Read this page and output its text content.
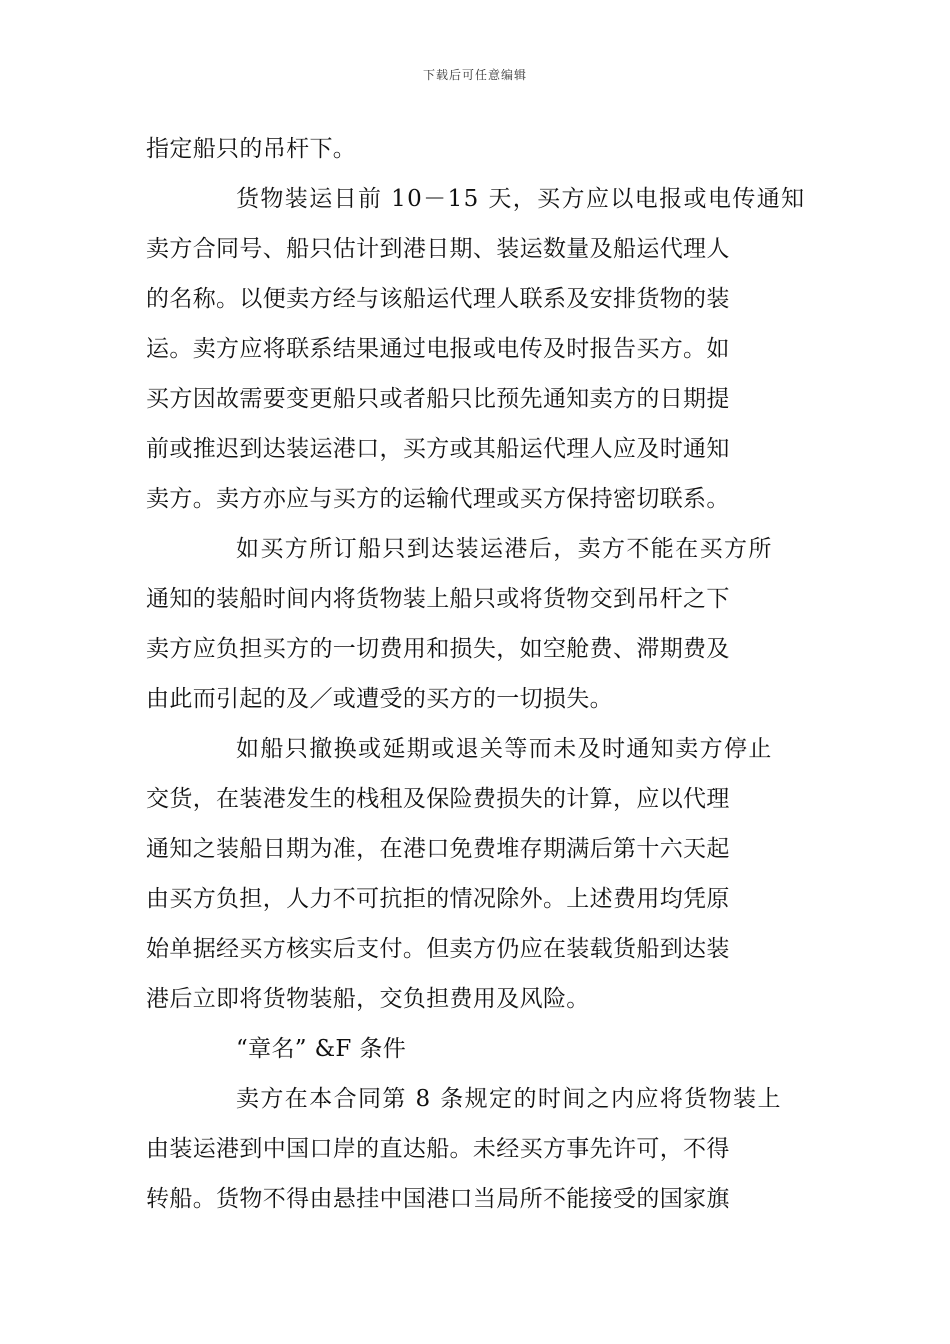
下载后可任意编辑
指定船只的吊杆下。
货物装运日前 10－15 天，买方应以电报或电传通知
卖方合同号、船只估计到港日期、装运数量及船运代理人
的名称。以便卖方经与该船运代理人联系及安排货物的装
运。卖方应将联系结果通过电报或电传及时报告买方。如
买方因故需要变更船只或者船只比预先通知卖方的日期提
前或推迟到达装运港口，买方或其船运代理人应及时通知
卖方。卖方亦应与买方的运输代理或买方保持密切联系。
如买方所订船只到达装运港后，卖方不能在买方所
通知的装船时间内将货物装上船只或将货物交到吊杆之下
卖方应负担买方的一切费用和损失，如空舱费、滞期费及
由此而引起的及／或遭受的买方的一切损失。
如船只撤换或延期或退关等而未及时通知卖方停止
交货，在装港发生的栈租及保险费损失的计算，应以代理
通知之装船日期为准，在港口免费堆存期满后第十六天起
由买方负担，人力不可抗拒的情况除外。上述费用均凭原
始单据经买方核实后支付。但卖方仍应在装载货船到达装
港后立即将货物装船，交负担费用及风险。
“章名” &F 条件
卖方在本合同第 8 条规定的时间之内应将货物装上
由装运港到中国口岸的直达船。未经买方事先许可，不得
转船。货物不得由悬挂中国港口当局所不能接受的国家旗
